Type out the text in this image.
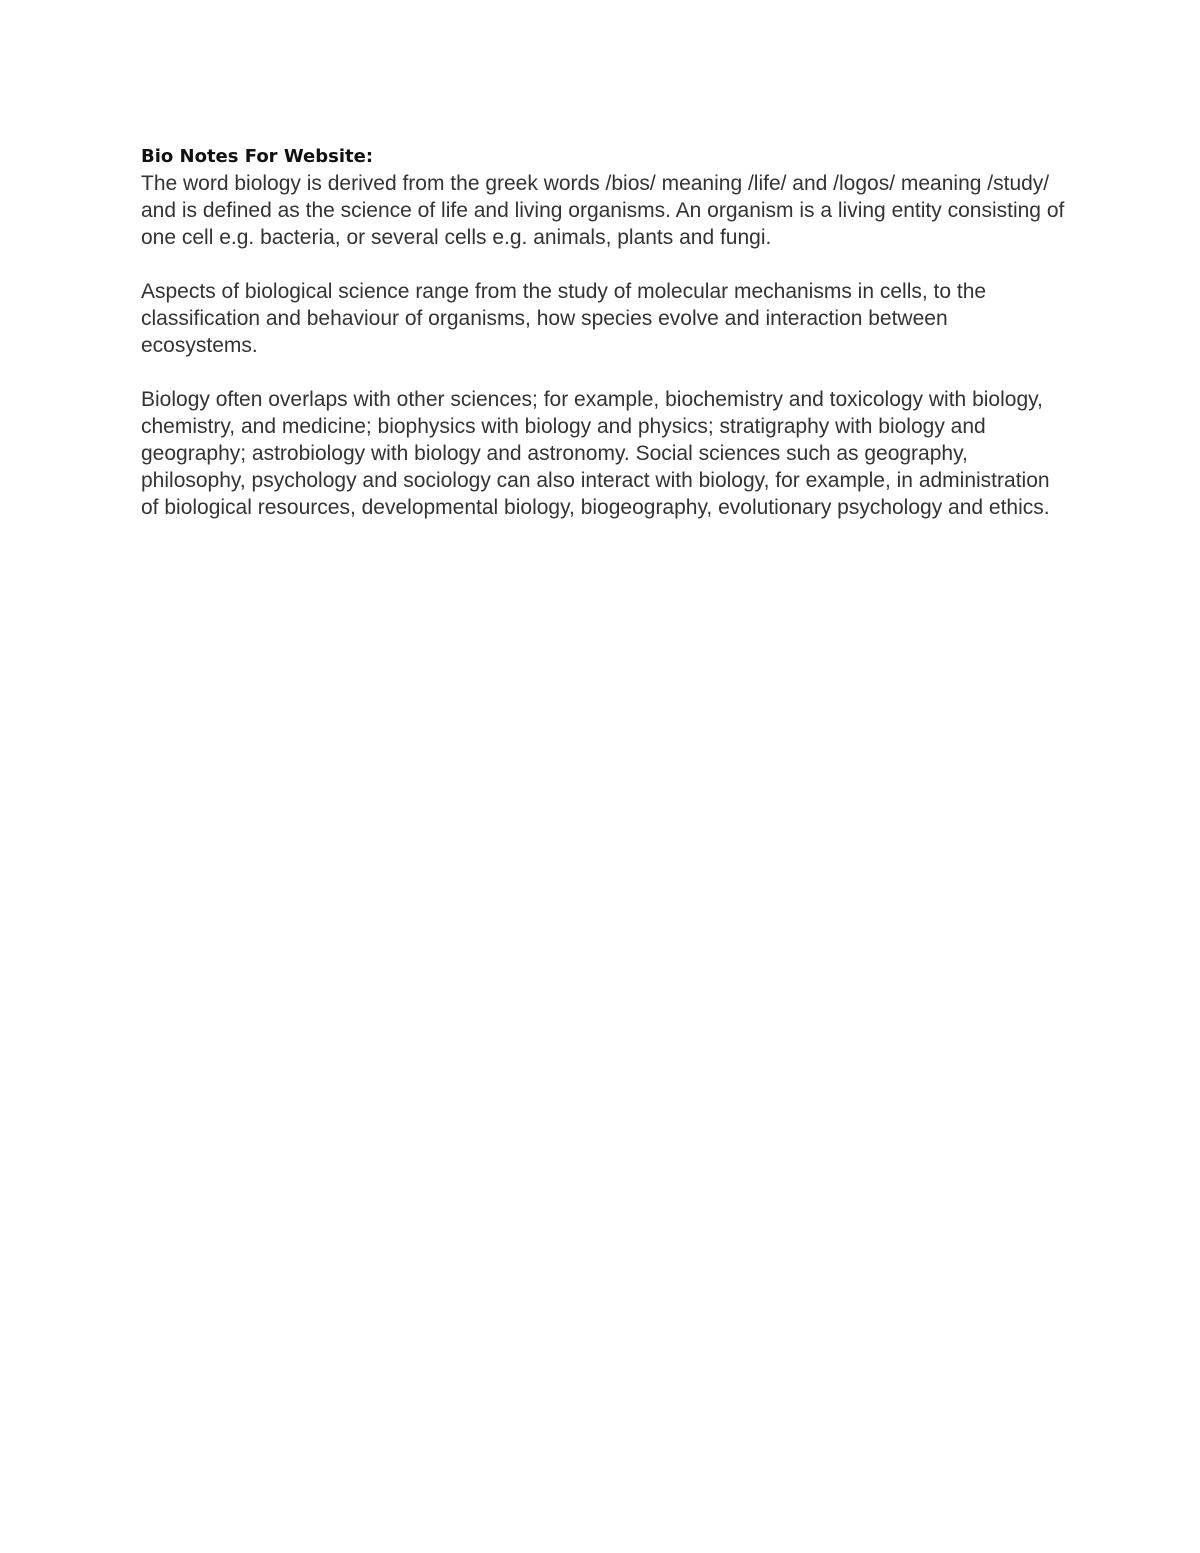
Bio Notes For Website:

The word biology is derived from the greek words /bios/ meaning /life/ and /logos/ meaning /study/ and is defined as the science of life and living organisms. An organism is a living entity consisting of one cell e.g. bacteria, or several cells e.g. animals, plants and fungi.

Aspects of biological science range from the study of molecular mechanisms in cells, to the classification and behaviour of organisms, how species evolve and interaction between ecosystems.

Biology often overlaps with other sciences; for example, biochemistry and toxicology with biology, chemistry, and medicine; biophysics with biology and physics; stratigraphy with biology and geography; astrobiology with biology and astronomy. Social sciences such as geography, philosophy, psychology and sociology can also interact with biology, for example, in administration of biological resources, developmental biology, biogeography, evolutionary psychology and ethics.
